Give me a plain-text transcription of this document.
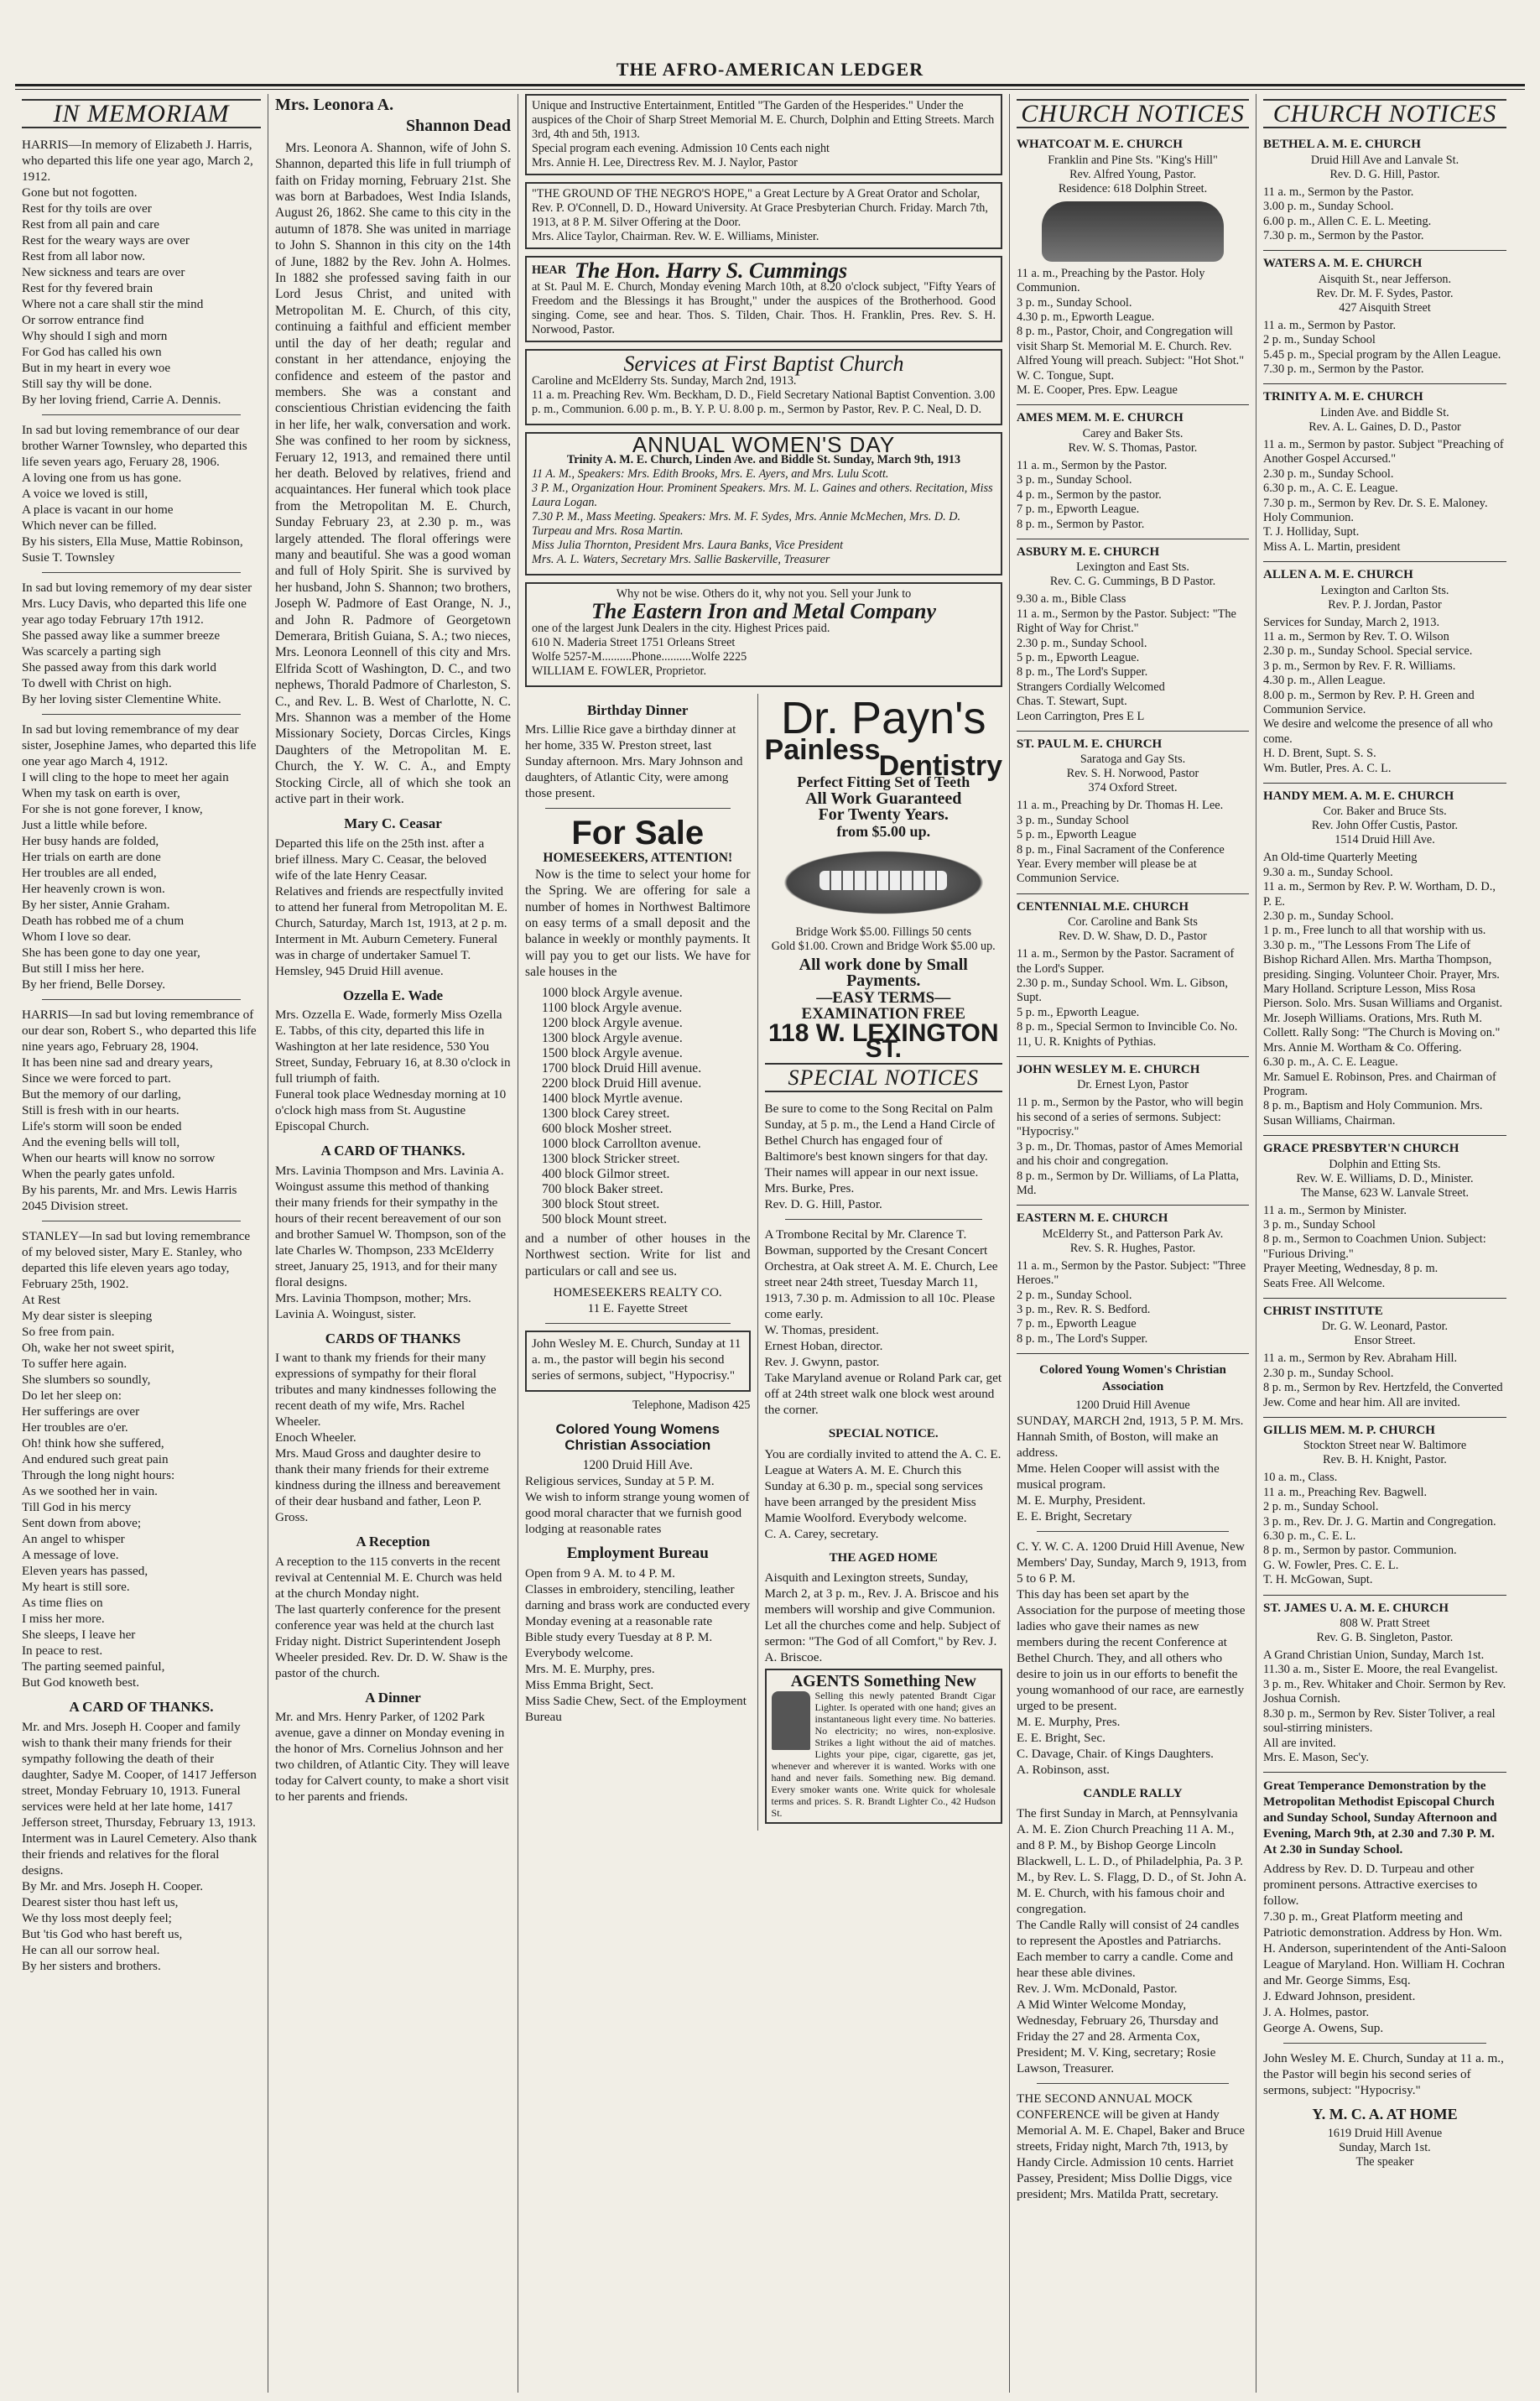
THE AFRO-AMERICAN LEDGER
IN MEMORIAM
HARRIS—In memory of Elizabeth J. Harris, who departed this life one year ago, March 2, 1912.
Gone but not fogotten.
Rest for thy toils are over
Rest from all pain and care
Rest for the weary ways are over
Rest from all labor now.
New sickness and tears are over
Rest for thy fevered brain
Where not a care shall stir the mind
Or sorrow entrance find
Why should I sigh and morn
For God has called his own
But in my heart in every woe
Still say thy will be done.
By her loving friend, Carrie A. Dennis.
In sad but loving remembrance of our dear brother Warner Townsley, who departed this life seven years ago, Feruary 28, 1906.
A loving one from us has gone.
A voice we loved is still,
A place is vacant in our home
Which never can be filled.
By his sisters, Ella Muse, Mattie Robinson, Susie T. Townsley
In sad but loving rememory of my dear sister Mrs. Lucy Davis, who departed this life one year ago today February 17th 1912.
She passed away like a summer breeze
Was scarcely a parting sigh
She passed away from this dark world
To dwell with Christ on high.
By her loving sister Clementine White.
In sad but loving remembrance of my dear sister, Josephine James, who departed this life one year ago March 4, 1912.
I will cling to the hope to meet her again
When my task on earth is over,
For she is not gone forever, I know,
Just a little while before.
Her busy hands are folded,
Her trials on earth are done
Her troubles are all ended,
Her heavenly crown is won.
By her sister, Annie Graham.
Death has robbed me of a chum
Whom I love so dear.
She has been gone to day one year,
But still I miss her here.
By her friend, Belle Dorsey.
HARRIS—In sad but loving remembrance of our dear son, Robert S., who departed this life nine years ago, February 28, 1904.
It has been nine sad and dreary years,
Since we were forced to part.
But the memory of our darling,
Still is fresh with in our hearts.
Life's storm will soon be ended
And the evening bells will toll,
When our hearts will know no sorrow
When the pearly gates unfold.
By his parents, Mr. and Mrs. Lewis Harris 2045 Division street.
STANLEY—In sad but loving remembrance of my beloved sister, Mary E. Stanley, who departed this life eleven years ago today, February 25th, 1902.
At Rest
My dear sister is sleeping
So free from pain.
Oh, wake her not sweet spirit,
To suffer here again.
She slumbers so soundly,
Do let her sleep on:
Her sufferings are over
Her troubles are o'er.
Oh! think how she suffered,
And endured such great pain
Through the long night hours:
As we soothed her in vain.
Till God in his mercy
Sent down from above;
An angel to whisper
A message of love.
Eleven years has passed,
My heart is still sore.
As time flies on
I miss her more.
She sleeps, I leave her
In peace to rest.
The parting seemed painful,
But God knoweth best.
A CARD OF THANKS.
Mr. and Mrs. Joseph H. Cooper and family wish to thank their many friends for their sympathy following the death of their daughter, Sadye M. Cooper, of 1417 Jefferson street, Monday February 10, 1913. Funeral services were held at her late home, 1417 Jefferson street, Thursday, February 13, 1913. Interment was in Laurel Cemetery. Also thank their friends and relatives for the floral designs.
By Mr. and Mrs. Joseph H. Cooper.
Dearest sister thou hast left us,
We thy loss most deeply feel;
But 'tis God who hast bereft us,
He can all our sorrow heal.
By her sisters and brothers.
Mrs. Leonora A.
Shannon Dead

Mrs. Leonora A. Shannon, wife of John S. Shannon, departed this life in full triumph of faith on Friday morning, February 21st. She was born at Barbadoes, West India Islands, August 26, 1862. She came to this city in the autumn of 1878. She was united in marriage to John S. Shannon in this city on the 14th of June, 1882 by the Rev. John A. Holmes. In 1882 she professed saving faith in our Lord Jesus Christ, and united with Metropolitan M. E. Church, of this city, continuing a faithful and efficient member until the day of her death; regular and constant in her attendance, enjoying the confidence and esteem of the pastor and members. She was a constant and conscientious Christian evidencing the faith in her life, her walk, conversation and work. She was confined to her room by sickness, Feruary 12, 1913, and remained there until her death. Beloved by relatives, friend and acquaintances. Her funeral which took place from the Metropolitan M. E. Church, Sunday February 23, at 2.30 p. m., was largely attended. The floral offerings were many and beautiful. She was a good woman and full of Holy Spirit. She is survived by her husband, John S. Shannon; two brothers, Joseph W. Padmore of East Orange, N. J., and John R. Padmore of Georgetown Demerara, British Guiana, S. A.; two nieces, Mrs. Leonora Leonnell of this city and Mrs. Elfrida Scott of Washington, D. C., and two nephews, Thorald Padmore of Charleston, S. C., and Rev. L. B. West of Charlotte, N. C. Mrs. Shannon was a member of the Home Missionary Society, Dorcas Circles, Kings Daughters of the Metropolitan M. E. Church, the Y. W. C. A., and Empty Stocking Circle, all of which she took an active part in their work.

Mary C. Ceasar
Departed this life on the 25th inst. after a brief illness. Mary C. Ceasar, the beloved wife of the late Henry Ceasar.
Relatives and friends are respectfully invited to attend her funeral from Metropolitan M. E. Church, Saturday, March 1st, 1913, at 2 p. m. Interment in Mt. Auburn Cemetery. Funeral was in charge of undertaker Samuel T. Hemsley, 945 Druid Hill avenue.
Ozzella E. Wade
Mrs. Ozzella E. Wade, formerly Miss Ozella E. Tabbs, of this city, departed this life in Washington at her late residence, 530 You Street, Sunday, February 16, at 8.30 o'clock in full triumph of faith.
Funeral took place Wednesday morning at 10 o'clock high mass from St. Augustine Episcopal Church.
A CARD OF THANKS.
Mrs. Lavinia Thompson and Mrs. Lavinia A. Woingust assume this method of thanking their many friends for their sympathy in the hours of their recent bereavement of our son and brother Samuel W. Thompson, son of the late Charles W. Thompson, 233 McElderry street, January 25, 1913, and for their many floral designs.
Mrs. Lavinia Thompson, mother; Mrs. Lavinia A. Woingust, sister.
CARDS OF THANKS
I want to thank my friends for their many expressions of sympathy for their floral tributes and many kindnesses following the recent death of my wife, Mrs. Rachel Wheeler.
Enoch Wheeler.
Mrs. Maud Gross and daughter desire to thank their many friends for their extreme kindness during the illness and bereavement of their dear husband and father, Leon P. Gross.
A Reception
A reception to the 115 converts in the recent revival at Centennial M. E. Church was held at the church Monday night.
The last quarterly conference for the present conference year was held at the church last Friday night. District Superintendent Joseph Wheeler presided. Rev. Dr. D. W. Shaw is the pastor of the church.
A Dinner
Mr. and Mrs. Henry Parker, of 1202 Park avenue, gave a dinner on Monday evening in the honor of Mrs. Cornelius Johnson and her two children, of Atlantic City. They will leave today for Calvert county, to make a short visit to her parents and friends.
Unique and Instructive Entertainment, Entitled "The Garden of the Hesperides." Under the auspices of the Choir of Sharp Street Memorial M. E. Church, Dolphin and Etting Streets. March 3rd, 4th and 5th, 1913.
Special program each evening. Admission 10 Cents each night
Mrs. Annie H. Lee, Directress Rev. M. J. Naylor, Pastor
"THE GROUND OF THE NEGRO'S HOPE," a Great Lecture by A Great Orator and Scholar, Rev. P. O'Connell, D. D., Howard University. At Grace Presbyterian Church. Friday. March 7th, 1913, at 8 P. M. Silver Offering at the Door.
Mrs. Alice Taylor, Chairman. Rev. W. E. Williams, Minister.
HEAR The Hon. Harry S. Cummings
at St. Paul M. E. Church, Monday evening March 10th, at 8.20 o'clock subject, "Fifty Years of Freedom and the Blessings it has Brought," under the auspices of the Brotherhood. Good singing. Come, see and hear. Thos. S. Tilden, Chair. Thos. H. Franklin, Pres. Rev. S. H. Norwood, Pastor.
Services at First Baptist Church
Caroline and McElderry Sts. Sunday, March 2nd, 1913.
11 a. m. Preaching Rev. Wm. Beckham, D. D., Field Secretary National Baptist Convention. 3.00 p. m., Communion. 6.00 p. m., B. Y. P. U. 8.00 p. m., Sermon by Pastor, Rev. P. C. Neal, D. D.
ANNUAL WOMEN'S DAY
Trinity A. M. E. Church, Linden Ave. and Biddle St. Sunday, March 9th, 1913
11 A. M., Speakers: Mrs. Edith Brooks, Mrs. E. Ayers, and Mrs. Lulu Scott.
3 P. M., Organization Hour. Prominent Speakers. Mrs. M. L. Gaines and others. Recitation, Miss Laura Logan.
7.30 P. M., Mass Meeting. Speakers: Mrs. M. F. Sydes, Mrs. Annie McMechen, Mrs. D. D. Turpeau and Mrs. Rosa Martin.
Miss Julia Thornton, President Mrs. Laura Banks, Vice President
Mrs. A. L. Waters, Secretary Mrs. Sallie Baskerville, Treasurer
Why not be wise. Others do it, why not you. Sell your Junk to
The Eastern Iron and Metal Company
one of the largest Junk Dealers in the city. Highest Prices paid.
610 N. Maderia Street 1751 Orleans Street
Wolfe 5257-M..........Phone..........Wolfe 2225
WILLIAM E. FOWLER, Proprietor.
Birthday Dinner
Mrs. Lillie Rice gave a birthday dinner at her home, 335 W. Preston street, last Sunday afternoon. Mrs. Mary Johnson and daughters, of Atlantic City, were among those present.
For Sale
HOMESEEKERS, ATTENTION!

Now is the time to select your home for the Spring. We are offering for sale a number of homes in Northwest Baltimore on easy terms of a small deposit and the balance in weekly or monthly payments. It will pay you to get our lists. We have for sale houses in the

1000 block Argyle avenue.
1100 block Argyle avenue.
1200 block Argyle avenue.
1300 block Argyle avenue.
1500 block Argyle avenue.
1700 block Druid Hill avenue.
2200 block Druid Hill avenue.
1400 block Myrtle avenue.
1300 block Carey street.
600 block Mosher street.
1000 block Carrollton avenue.
1300 block Stricker street.
400 block Gilmor street.
700 block Baker street.
300 block Stout street.
500 block Mount street.

and a number of other houses in the Northwest section. Write for list and particulars or call and see us.

HOMESEEKERS REALTY CO.
11 E. Fayette Street
John Wesley M. E. Church, Sunday at 11 a. m., the pastor will begin his second series of sermons, subject, "Hypocrisy."
Telephone, Madison 425
Colored Young Womens Christian Association
1200 Druid Hill Ave.
Religious services, Sunday at 5 P. M.
We wish to inform strange young women of good moral character that we furnish good lodging at reasonable rates
Employment Bureau
Open from 9 A. M. to 4 P. M.
Classes in embroidery, stenciling, leather darning and brass work are conducted every Monday evening at a reasonable rate
Bible study every Tuesday at 8 P. M. Everybody welcome.
Mrs. M. E. Murphy, pres.
Miss Emma Bright, Sect.
Miss Sadie Chew, Sect. of the Employment Bureau
Dr. Payn's
Painless
Dentistry
Perfect Fitting Set of Teeth
All Work Guaranteed
For Twenty Years.
from $5.00 up.
Bridge Work $5.00. Fillings 50 cents
Gold $1.00. Crown and Bridge Work $5.00 up.
All work done by Small Payments.
—EASY TERMS—
EXAMINATION FREE
118 W. LEXINGTON ST.
SPECIAL NOTICES
Be sure to come to the Song Recital on Palm Sunday, at 5 p. m., the Lend a Hand Circle of Bethel Church has engaged four of Baltimore's best known singers for that day. Their names will appear in our next issue.
Mrs. Burke, Pres.
Rev. D. G. Hill, Pastor.
A Trombone Recital by Mr. Clarence T. Bowman, supported by the Cresant Concert Orchestra, at Oak street A. M. E. Church, Lee street near 24th street, Tuesday March 11, 1913, 7.30 p. m. Admission to all 10c. Please come early.
W. Thomas, president.
Ernest Hoban, director.
Rev. J. Gwynn, pastor.
Take Maryland avenue or Roland Park car, get off at 24th street walk one block west around the corner.
SPECIAL NOTICE.
You are cordially invited to attend the A. C. E. League at Waters A. M. E. Church this Sunday at 6.30 p. m., special song services have been arranged by the president Miss Mamie Woolford. Everybody welcome.
C. A. Carey, secretary.
THE AGED HOME
Aisquith and Lexington streets, Sunday, March 2, at 3 p. m., Rev. J. A. Briscoe and his members will worship and give Communion. Let all the churches come and help. Subject of sermon: "The God of all Comfort," by Rev. J. A. Briscoe.
AGENTS Something New
Selling this newly patented Brandt Cigar Lighter. Is operated with one hand; gives an instantaneous light every time. No batteries. No electricity; no wires, non-explosive. Strikes a light without the aid of matches. Lights your pipe, cigar, cigarette, gas jet, whenever and wherever it is wanted. Works with one hand and never fails. Something new. Big demand. Every smoker wants one. Write quick for wholesale terms and prices. S. R. Brandt Lighter Co., 42 Hudson St.
CHURCH NOTICES
WHATCOAT M. E. CHURCH
Franklin and Pine Sts. "King's Hill"
Rev. Alfred Young, Pastor.
Residence: 618 Dolphin Street.
11 a. m., Preaching by the Pastor. Holy Communion.
3 p. m., Sunday School.
4.30 p. m., Epworth League.
8 p. m., Pastor, Choir, and Congregation will visit Sharp St. Memorial M. E. Church. Rev. Alfred Young will preach. Subject: "Hot Shot."
W. C. Tongue, Supt.
M. E. Cooper, Pres. Epw. League
AMES MEM. M. E. CHURCH
Carey and Baker Sts.
Rev. W. S. Thomas, Pastor.
11 a. m., Sermon by the Pastor.
3 p. m., Sunday School.
4 p. m., Sermon by the pastor.
7 p. m., Epworth League.
8 p. m., Sermon by Pastor.
ASBURY M. E. CHURCH
Lexington and East Sts.
Rev. C. G. Cummings, B D Pastor.
9.30 a. m., Bible Class
11 a. m., Sermon by the Pastor. Subject: "The Right of Way for Christ."
2.30 p. m., Sunday School.
5 p. m., Epworth League.
8 p. m., The Lord's Supper.
Strangers Cordially Welcomed
Chas. T. Stewart, Supt.
Leon Carrington, Pres E L
ST. PAUL M. E. CHURCH
Saratoga and Gay Sts.
Rev. S. H. Norwood, Pastor
374 Oxford Street.
11 a. m., Preaching by Dr. Thomas H. Lee.
3 p. m., Sunday School
5 p. m., Epworth League
8 p. m., Final Sacrament of the Conference Year. Every member will please be at Communion Service.
CENTENNIAL M.E. CHURCH
Cor. Caroline and Bank Sts
Rev. D. W. Shaw, D. D., Pastor
11 a. m., Sermon by the Pastor. Sacrament of the Lord's Supper.
2.30 p. m., Sunday School. Wm. L. Gibson, Supt.
5 p. m., Epworth League.
8 p. m., Special Sermon to Invincible Co. No. 11, U. R. Knights of Pythias.
JOHN WESLEY M. E. CHURCH
Dr. Ernest Lyon, Pastor
11 p. m., Sermon by the Pastor, who will begin his second of a series of sermons. Subject: "Hypocrisy."
3 p. m., Dr. Thomas, pastor of Ames Memorial and his choir and congregation.
8 p. m., Sermon by Dr. Williams, of La Platta, Md.
EASTERN M. E. CHURCH
McElderry St., and Patterson Park Av.
Rev. S. R. Hughes, Pastor.
11 a. m., Sermon by the Pastor. Subject: "Three Heroes."
2 p. m., Sunday School.
3 p. m., Rev. R. S. Bedford.
7 p. m., Epworth League
8 p. m., The Lord's Supper.
Colored Young Women's Christian Association
1200 Druid Hill Avenue
SUNDAY, MARCH 2nd, 1913, 5 P. M. Mrs. Hannah Smith, of Boston, will make an address.
Mme. Helen Cooper will assist with the musical program.
M. E. Murphy, President.
E. E. Bright, Secretary
C. Y. W. C. A. 1200 Druid Hill Avenue, New Members' Day, Sunday, March 9, 1913, from 5 to 6 P. M.
This day has been set apart by the Association for the purpose of meeting those ladies who gave their names as new members during the recent Conference at Bethel Church. They, and all others who desire to join us in our efforts to benefit the young womanhood of our race, are earnestly urged to be present.
M. E. Murphy, Pres.
E. E. Bright, Sec.
C. Davage, Chair. of Kings Daughters.
A. Robinson, asst.
CANDLE RALLY
The first Sunday in March, at Pennsylvania A. M. E. Zion Church Preaching 11 A. M., and 8 P. M., by Bishop George Lincoln Blackwell, L. L. D., of Philadelphia, Pa. 3 P. M., by Rev. L. S. Flagg, D. D., of St. John A. M. E. Church, with his famous choir and congregation.
The Candle Rally will consist of 24 candles to represent the Apostles and Patriarchs. Each member to carry a candle. Come and hear these able divines.
Rev. J. Wm. McDonald, Pastor.
A Mid Winter Welcome Monday, Wednesday, February 26, Thursday and Friday the 27 and 28. Armenta Cox, President; M. V. King, secretary; Rosie Lawson, Treasurer.
THE SECOND ANNUAL MOCK CONFERENCE will be given at Handy Memorial A. M. E. Chapel, Baker and Bruce streets, Friday night, March 7th, 1913, by Handy Circle. Admission 10 cents. Harriet Passey, President; Miss Dollie Diggs, vice president; Mrs. Matilda Pratt, secretary.
CHURCH NOTICES
BETHEL A. M. E. CHURCH
Druid Hill Ave and Lanvale St.
Rev. D. G. Hill, Pastor.
11 a. m., Sermon by the Pastor.
3.00 p. m., Sunday School.
6.00 p. m., Allen C. E. L. Meeting.
7.30 p. m., Sermon by the Pastor.
WATERS A. M. E. CHURCH
Aisquith St., near Jefferson.
Rev. Dr. M. F. Sydes, Pastor.
427 Aisquith Street
11 a. m., Sermon by Pastor.
2 p. m., Sunday School
5.45 p. m., Special program by the Allen League.
7.30 p. m., Sermon by the Pastor.
TRINITY A. M. E. CHURCH
Linden Ave. and Biddle St.
Rev. A. L. Gaines, D. D., Pastor
11 a. m., Sermon by pastor. Subject "Preaching of Another Gospel Accursed."
2.30 p. m., Sunday School.
6.30 p. m., A. C. E. League.
7.30 p. m., Sermon by Rev. Dr. S. E. Maloney. Holy Communion.
T. J. Holliday, Supt.
Miss A. L. Martin, president
ALLEN A. M. E. CHURCH
Lexington and Carlton Sts.
Rev. P. J. Jordan, Pastor
Services for Sunday, March 2, 1913.
11 a. m., Sermon by Rev. T. O. Wilson
2.30 p. m., Sunday School. Special service.
3 p. m., Sermon by Rev. F. R. Williams.
4.30 p. m., Allen League.
8.00 p. m., Sermon by Rev. P. H. Green and Communion Service.
We desire and welcome the presence of all who come.
H. D. Brent, Supt. S. S.
Wm. Butler, Pres. A. C. L.
HANDY MEM. A. M. E. CHURCH
Cor. Baker and Bruce Sts.
Rev. John Offer Custis, Pastor.
1514 Druid Hill Ave.
An Old-time Quarterly Meeting
9.30 a. m., Sunday School.
11 a. m., Sermon by Rev. P. W. Wortham, D. D., P. E.
2.30 p. m., Sunday School.
1 p. m., Free lunch to all that worship with us.
3.30 p. m., "The Lessons From The Life of Bishop Richard Allen. Mrs. Martha Thompson, presiding. Singing. Volunteer Choir. Prayer, Mrs. Mary Holland. Scripture Lesson, Miss Rosa Pierson. Solo. Mrs. Susan Williams and Organist. Mr. Joseph Williams. Orations, Mrs. Ruth M. Collett. Rally Song: "The Church is Moving on." Mrs. Annie M. Wortham & Co. Offering.
6.30 p. m., A. C. E. League.
Mr. Samuel E. Robinson, Pres. and Chairman of Program.
8 p. m., Baptism and Holy Communion. Mrs. Susan Williams, Chairman.
GRACE PRESBYTER'N CHURCH
Dolphin and Etting Sts.
Rev. W. E. Williams, D. D., Minister.
The Manse, 623 W. Lanvale Street.
11 a. m., Sermon by Minister.
3 p. m., Sunday School
8 p. m., Sermon to Coachmen Union. Subject: "Furious Driving."
Prayer Meeting, Wednesday, 8 p. m.
Seats Free. All Welcome.
CHRIST INSTITUTE
Dr. G. W. Leonard, Pastor.
Ensor Street.
11 a. m., Sermon by Rev. Abraham Hill.
2.30 p. m., Sunday School.
8 p. m., Sermon by Rev. Hertzfeld, the Converted Jew. Come and hear him. All are invited.
GILLIS MEM. M. P. CHURCH
Stockton Street near W. Baltimore
Rev. B. H. Knight, Pastor.
10 a. m., Class.
11 a. m., Preaching Rev. Bagwell.
2 p. m., Sunday School.
3 p. m., Rev. Dr. J. G. Martin and Congregation.
6.30 p. m., C. E. L.
8 p. m., Sermon by pastor. Communion.
G. W. Fowler, Pres. C. E. L.
T. H. McGowan, Supt.
ST. JAMES U. A. M. E. CHURCH
808 W. Pratt Street
Rev. G. B. Singleton, Pastor.
A Grand Christian Union, Sunday, March 1st.
11.30 a. m., Sister E. Moore, the real Evangelist.
3 p. m., Rev. Whitaker and Choir. Sermon by Rev. Joshua Cornish.
8.30 p. m., Sermon by Rev. Sister Toliver, a real soul-stirring ministers.
All are invited.
Mrs. E. Mason, Sec'y.
Great Temperance Demonstration by the Metropolitan Methodist Episcopal Church and Sunday School, Sunday Afternoon and Evening, March 9th, at 2.30 and 7.30 P. M. At 2.30 in Sunday School.
Address by Rev. D. D. Turpeau and other prominent persons. Attractive exercises to follow.
7.30 p. m., Great Platform meeting and Patriotic demonstration. Address by Hon. Wm. H. Anderson, superintendent of the Anti-Saloon League of Maryland. Hon. William H. Cochran and Mr. George Simms, Esq.
J. Edward Johnson, president.
J. A. Holmes, pastor.
George A. Owens, Sup.
John Wesley M. E. Church, Sunday at 11 a. m., the Pastor will begin his second series of sermons, subject: "Hypocrisy."
Y. M. C. A. AT HOME
1619 Druid Hill Avenue
Sunday, March 1st.
The speaker
